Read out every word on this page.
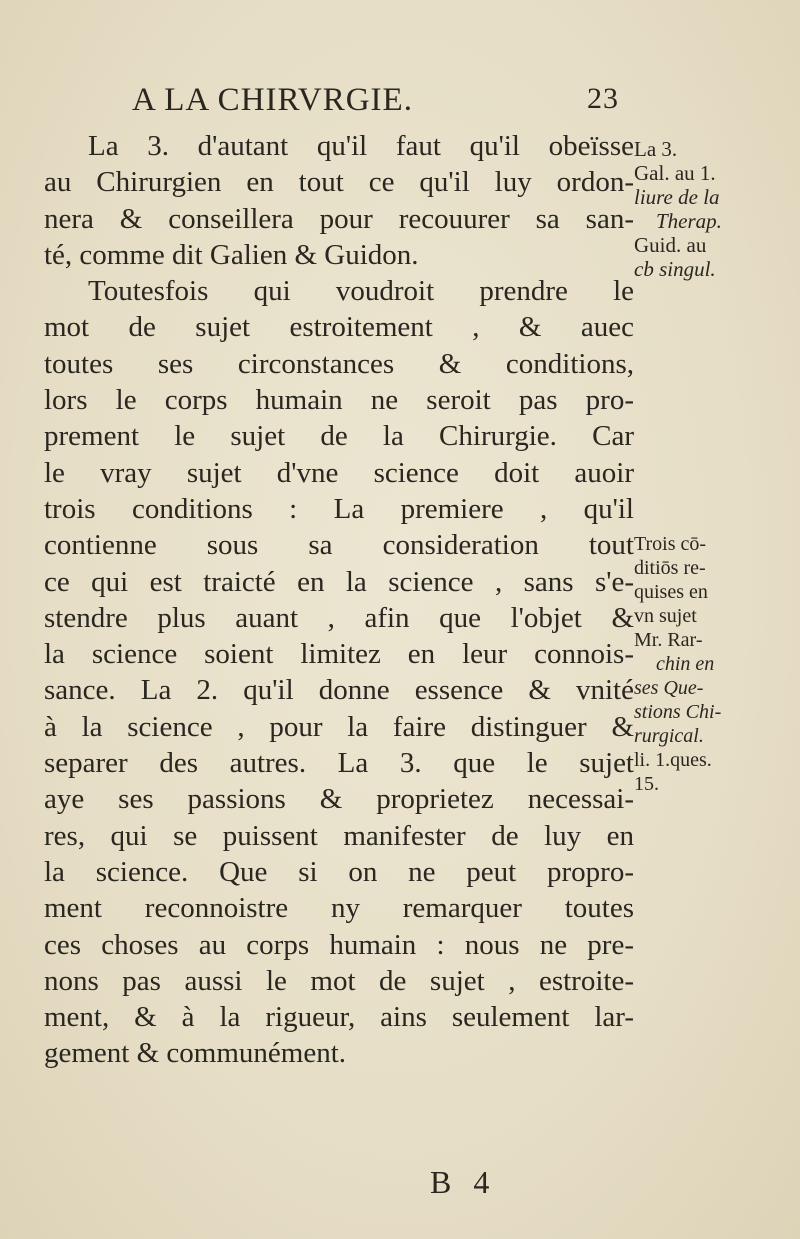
A LA CHIRVRGIE.	23
La 3. d'autant qu'il faut qu'il obeïsse
au Chirurgien en tout ce qu'il luy ordon-
nera & conseillera pour recouurer sa san-
té, comme dit Galien & Guidon.
Toutesfois qui voudroit prendre le
mot de sujet estroitement , & auec
toutes ses circonstances & conditions,
lors le corps humain ne seroit pas pro-
prement le sujet de la Chirurgie. Car
le vray sujet d'vne science doit auoir
trois conditions : La premiere , qu'il
contienne sous sa consideration tout
ce qui est traicté en la science , sans s'e-
stendre plus auant , afin que l'objet &
la science soient limitez en leur connois-
sance. La 2. qu'il donne essence & vnité
à la science , pour la faire distinguer &
separer des autres. La 3. que le sujet
aye ses passions & proprietez necessai-
res, qui se puissent manifester de luy en
la science. Que si on ne peut propro-
ment reconnoistre ny remarquer toutes
ces choses au corps humain : nous ne pre-
nons pas aussi le mot de sujet , estroite-
ment, & à la rigueur, ains seulement lar-
gement & communément.
La 3.
Gal. au 1.
liure de la
Therap.
Guid. au
cb singul.
Trois cō-
ditiōs re-
quises en
vn sujet
Mr. Rar-
chin en
ses Que-
stions Chi-
rurgical.
li. 1.ques.
15.
B 4
